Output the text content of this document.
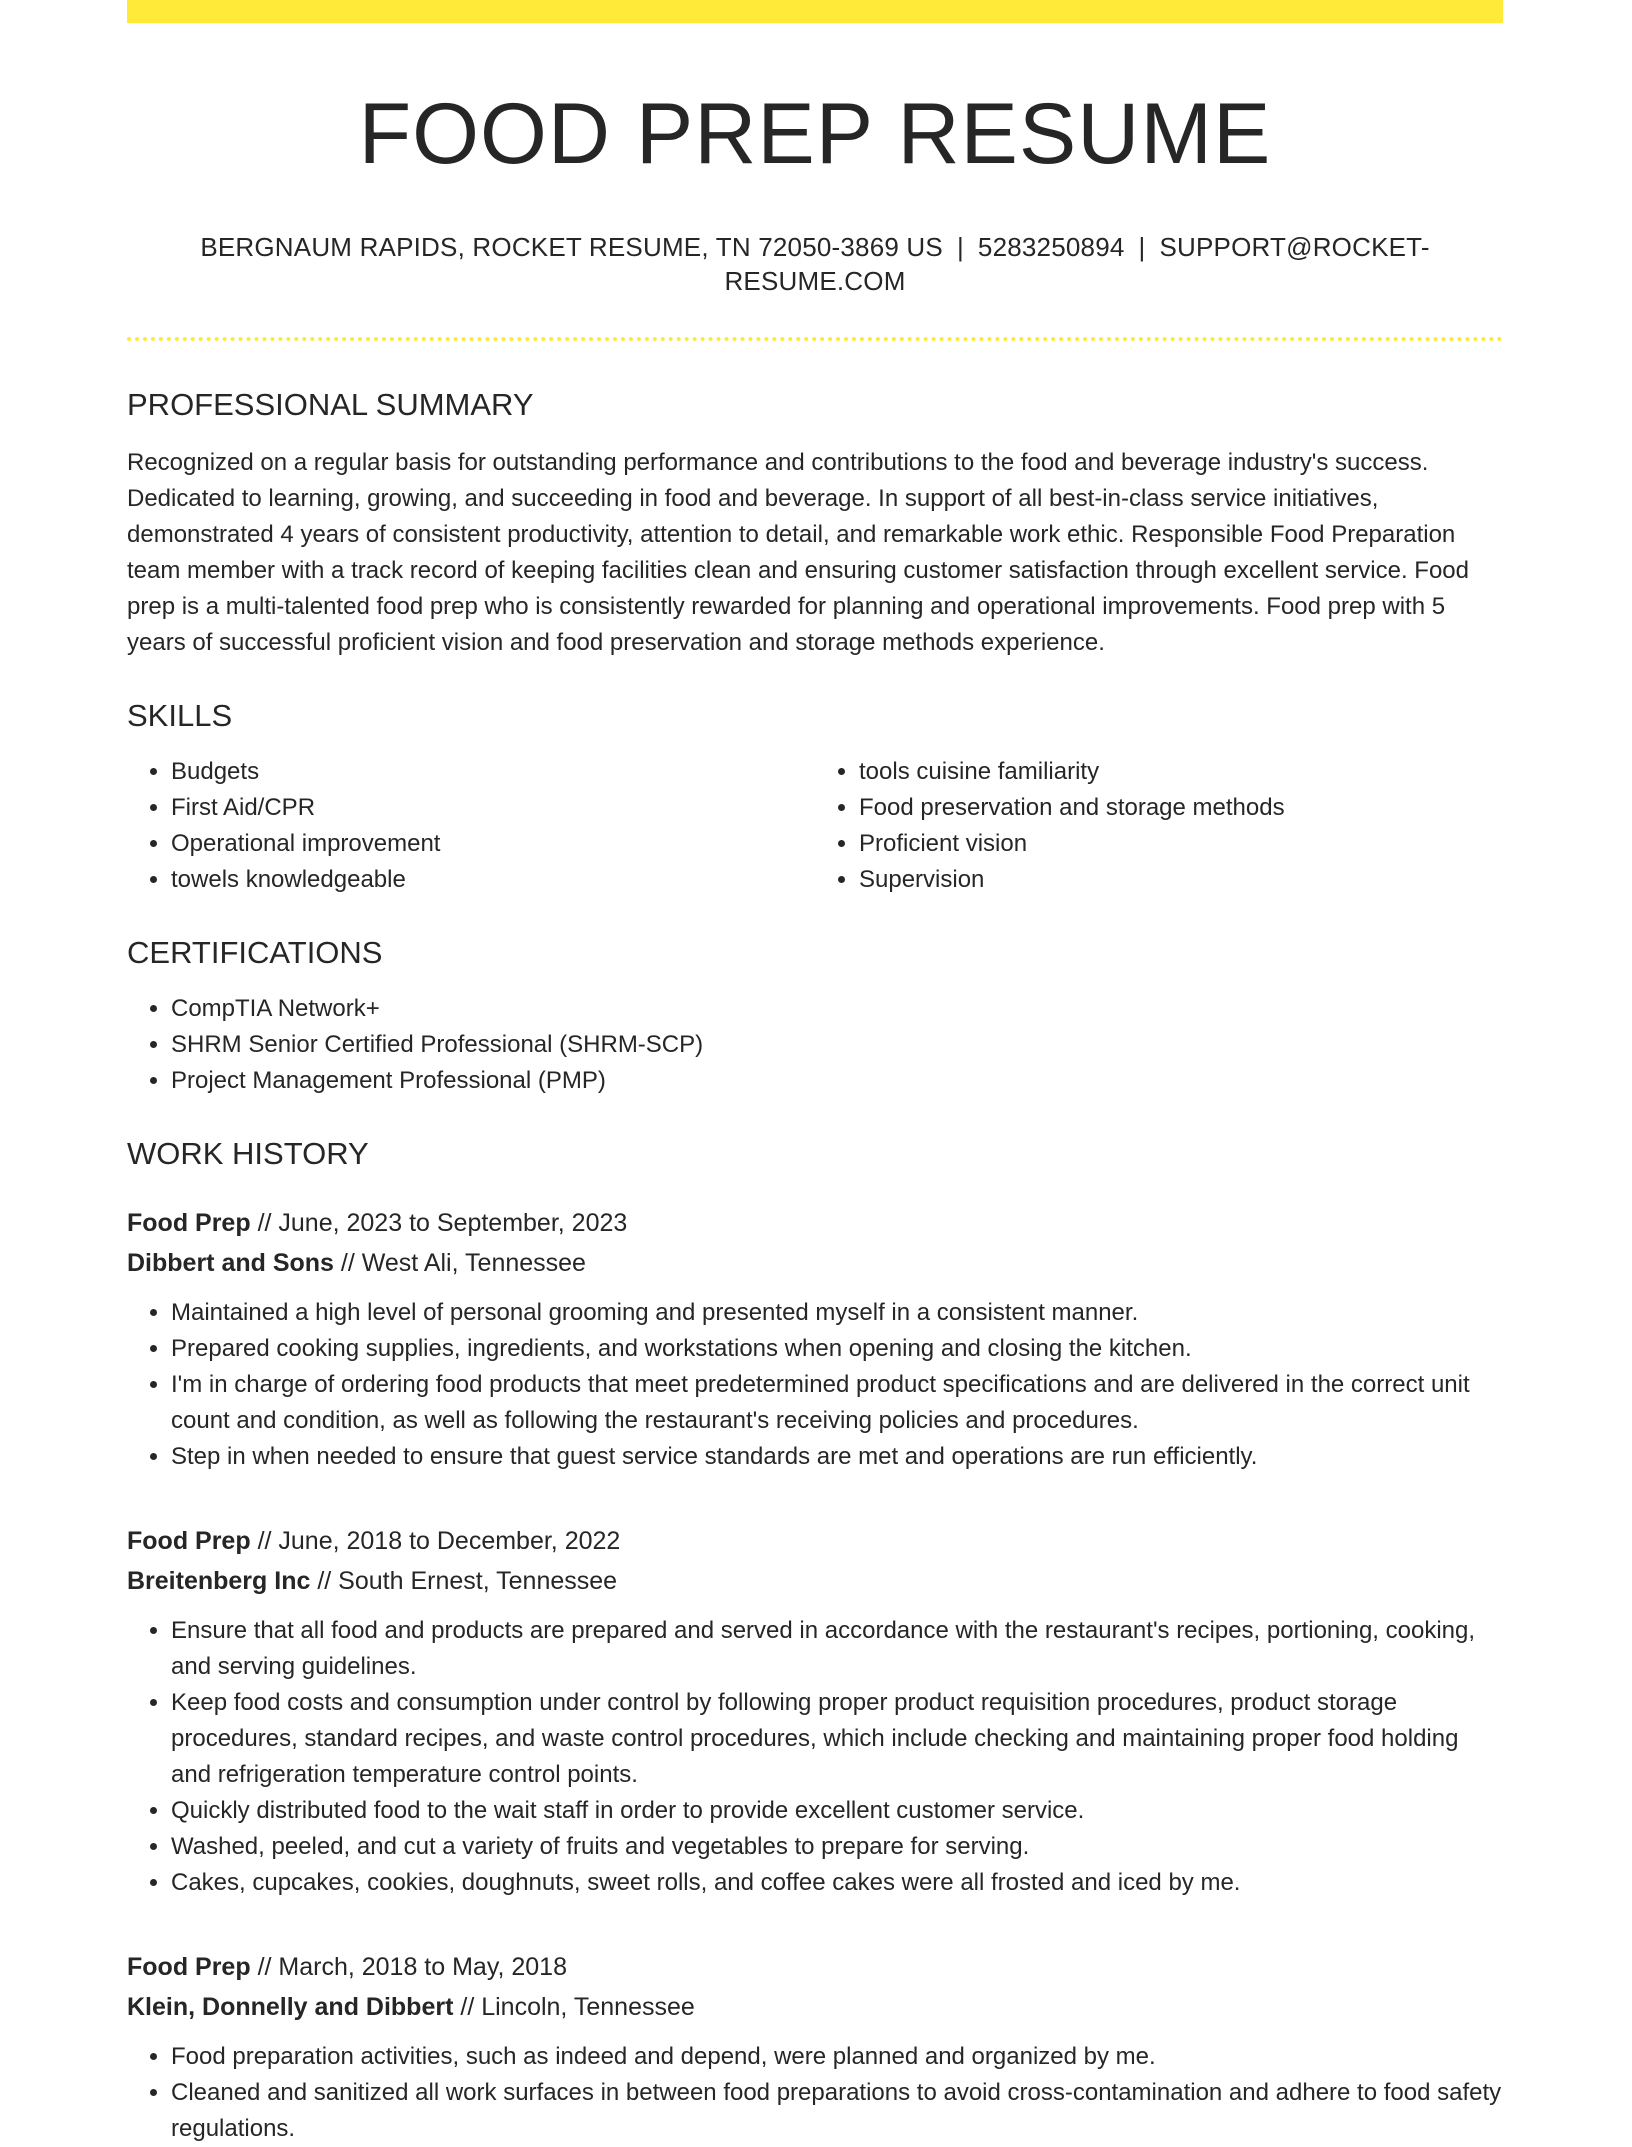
FOOD PREP RESUME
BERGNAUM RAPIDS, ROCKET RESUME, TN 72050-3869 US | 5283250894 | SUPPORT@ROCKET-RESUME.COM
PROFESSIONAL SUMMARY

Recognized on a regular basis for outstanding performance and contributions to the food and beverage industry's success. Dedicated to learning, growing, and succeeding in food and beverage. In support of all best-in-class service initiatives, demonstrated 4 years of consistent productivity, attention to detail, and remarkable work ethic. Responsible Food Preparation team member with a track record of keeping facilities clean and ensuring customer satisfaction through excellent service. Food prep is a multi-talented food prep who is consistently rewarded for planning and operational improvements. Food prep with 5 years of successful proficient vision and food preservation and storage methods experience.

SKILLS
• Budgets
• First Aid/CPR
• Operational improvement
• towels knowledgeable
• tools cuisine familiarity
• Food preservation and storage methods
• Proficient vision
• Supervision
CERTIFICATIONS
• CompTIA Network+
• SHRM Senior Certified Professional (SHRM-SCP)
• Project Management Professional (PMP)
WORK HISTORY
Food Prep // June, 2023 to September, 2023
Dibbert and Sons // West Ali, Tennessee
• Maintained a high level of personal grooming and presented myself in a consistent manner.
• Prepared cooking supplies, ingredients, and workstations when opening and closing the kitchen.
• I'm in charge of ordering food products that meet predetermined product specifications and are delivered in the correct unit count and condition, as well as following the restaurant's receiving policies and procedures.
• Step in when needed to ensure that guest service standards are met and operations are run efficiently.
Food Prep // June, 2018 to December, 2022
Breitenberg Inc // South Ernest, Tennessee
• Ensure that all food and products are prepared and served in accordance with the restaurant's recipes, portioning, cooking, and serving guidelines.
• Keep food costs and consumption under control by following proper product requisition procedures, product storage procedures, standard recipes, and waste control procedures, which include checking and maintaining proper food holding and refrigeration temperature control points.
• Quickly distributed food to the wait staff in order to provide excellent customer service.
• Washed, peeled, and cut a variety of fruits and vegetables to prepare for serving.
• Cakes, cupcakes, cookies, doughnuts, sweet rolls, and coffee cakes were all frosted and iced by me.
Food Prep // March, 2018 to May, 2018
Klein, Donnelly and Dibbert // Lincoln, Tennessee
• Food preparation activities, such as indeed and depend, were planned and organized by me.
• Cleaned and sanitized all work surfaces in between food preparations to avoid cross-contamination and adhere to food safety regulations.
